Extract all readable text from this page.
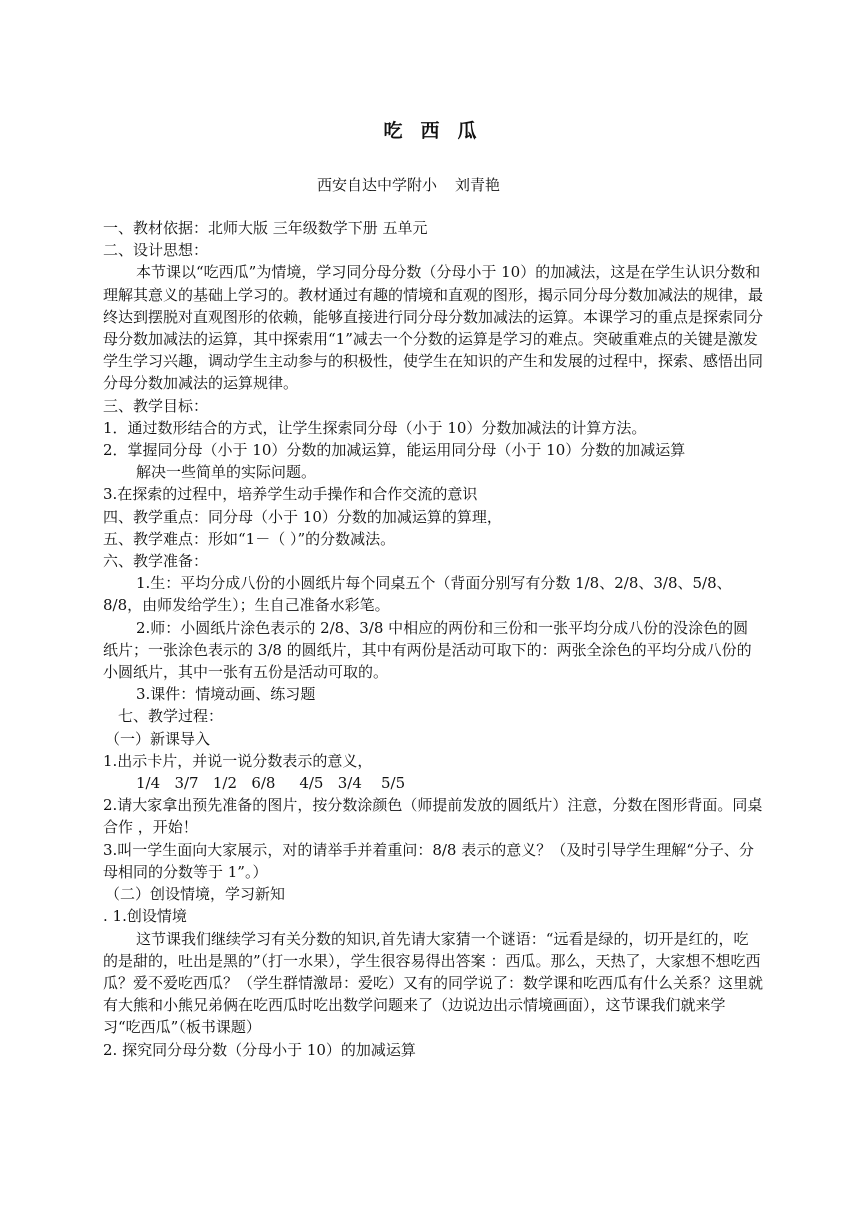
吃 西 瓜
西安自达中学附小 刘青艳

一、教材依据：北师大版 三年级数学下册 五单元

二、设计思想：

本节课以“吃西瓜”为情境，学习同分母分数（分母小于 10）的加减法，这是在学生认识分数和理解其意义的基础上学习的。教材通过有趣的情境和直观的图形，揭示同分母分数加减法的规律，最终达到摆脱对直观图形的依赖，能够直接进行同分母分数加减法的运算。本课学习的重点是探索同分母分数加减法的运算，其中探索用“1”减去一个分数的运算是学习的难点。突破重难点的关键是激发学生学习兴趣，调动学生主动参与的积极性，使学生在知识的产生和发展的过程中，探索、感悟出同分母分数加减法的运算规律。

三、教学目标：

1．通过数形结合的方式，让学生探索同分母（小于 10）分数加减法的计算方法。

2．掌握同分母（小于 10）分数的加减运算，能运用同分母（小于 10）分数的加减运算

解决一些简单的实际问题。

3.在探索的过程中，培养学生动手操作和合作交流的意识

四、教学重点：同分母（小于 10）分数的加减运算的算理，

五、教学难点：形如“1－（ ）”的分数减法。

六、教学准备：

1.生：平均分成八份的小圆纸片每个同桌五个（背面分别写有分数 1/8、2/8、3/8、5/8、8/8，由师发给学生）；生自己准备水彩笔。

2.师：小圆纸片涂色表示的 2/8、3/8 中相应的两份和三份和一张平均分成八份的没涂色的圆纸片；一张涂色表示的 3/8 的圆纸片，其中有两份是活动可取下的：两张全涂色的平均分成八份的小圆纸片，其中一张有五份是活动可取的。

3.课件：情境动画、练习题

七、教学过程：

（一）新课导入

1.出示卡片，并说一说分数表示的意义，

1/4   3/7   1/2   6/8     4/5   3/4    5/5

2.请大家拿出预先准备的图片，按分数涂颜色（师提前发放的圆纸片）注意，分数在图形背面。同桌合作 ，开始！

3.叫一学生面向大家展示，对的请举手并着重问：8/8 表示的意义？（及时引导学生理解“分子、分母相同的分数等于 1”。）

（二）创设情境，学习新知

. 1.创设情境

这节课我们继续学习有关分数的知识,首先请大家猜一个谜语：“远看是绿的，切开是红的，吃的是甜的，吐出是黑的”（打一水果），学生很容易得出答案 ：西瓜。那么，天热了，大家想不想吃西瓜？爱不爱吃西瓜？（学生群情激昂：爱吃）又有的同学说了：数学课和吃西瓜有什么关系？这里就有大熊和小熊兄弟俩在吃西瓜时吃出数学问题来了（边说边出示情境画面），这节课我们就来学习“吃西瓜”（板书课题）

2. 探究同分母分数（分母小于 10）的加减运算
